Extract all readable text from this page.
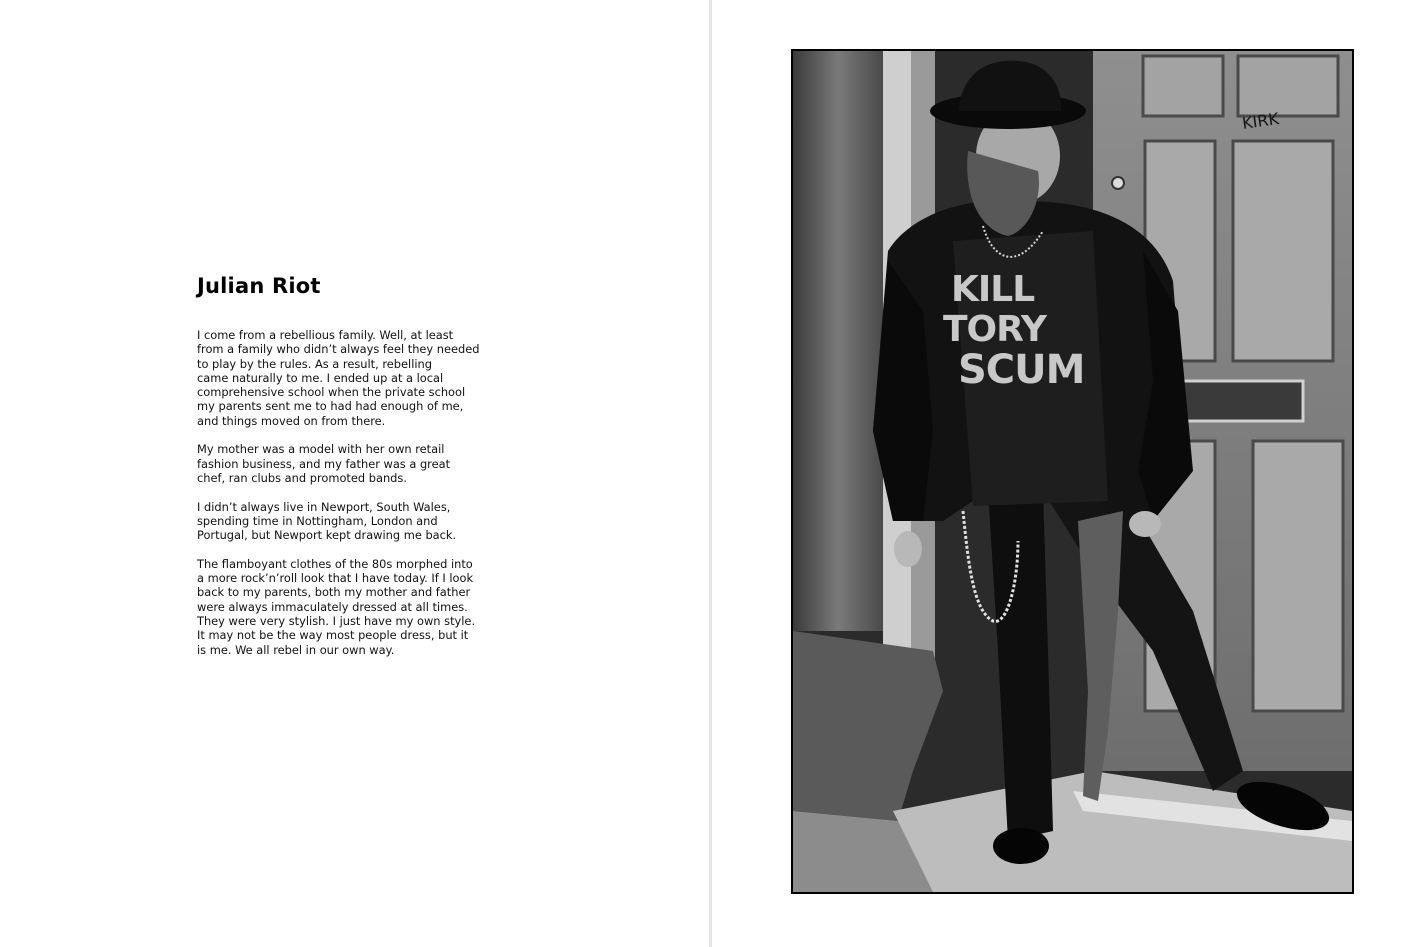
Julian Riot

I come from a rebellious family. Well, at least
from a family who didn’t always feel they needed
to play by the rules. As a result, rebelling
came naturally to me. I ended up at a local
comprehensive school when the private school
my parents sent me to had had enough of me,
and things moved on from there.

My mother was a model with her own retail
fashion business, and my father was a great
chef, ran clubs and promoted bands.

I didn’t always live in Newport, South Wales,
spending time in Nottingham, London and
Portugal, but Newport kept drawing me back.

The flamboyant clothes of the 80s morphed into
a more rock’n’roll look that I have today. If I look
back to my parents, both my mother and father
were always immaculately dressed at all times.
They were very stylish. I just have my own style.
It may not be the way most people dress, but it
is me. We all rebel in our own way.

KIRK
KILL
TORY
SCUM
